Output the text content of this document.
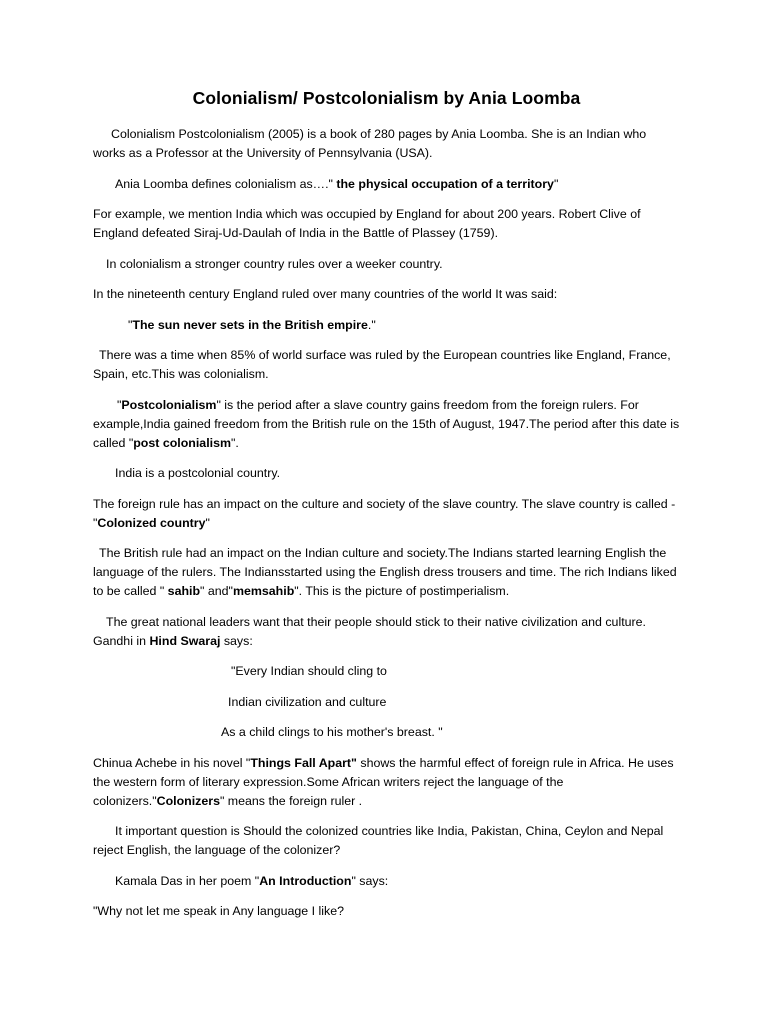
Colonialism/ Postcolonialism by Ania Loomba

Colonialism Postcolonialism (2005) is a book of 280 pages by Ania Loomba. She is an Indian who works as a Professor at the University of Pennsylvania (USA).

Ania Loomba defines colonialism as…." the physical occupation of a territory"

For example, we mention India which was occupied by England for about 200 years. Robert Clive of England defeated Siraj-Ud-Daulah of India in the Battle of Plassey (1759).

In colonialism a stronger country rules over a weeker country.

In the nineteenth century England ruled over many countries of the world It was said:

"The sun never sets in the British empire."

There was a time when 85% of world surface was ruled by the European countries like England, France, Spain, etc.This was colonialism.

"Postcolonialism" is the period after a slave country gains freedom from the foreign rulers. For example,India gained freedom from the British rule on the 15th of August, 1947.The period after this date is called "post colonialism".

India is a postcolonial country.

The foreign rule has an impact on the culture and society of the slave country. The slave country is called -"Colonized country"

The British rule had an impact on the Indian culture and society.The Indians started learning English the language of the rulers. The Indiansstarted using the English dress trousers and time. The rich Indians liked to be called " sahib" and"memsahib". This is the picture of postimperialism.

The great national leaders want that their people should stick to their native civilization and culture. Gandhi in Hind Swaraj says:

"Every Indian should cling to

Indian civilization and culture

As a child clings to his mother's breast. "

Chinua Achebe in his novel "Things Fall Apart" shows the harmful effect of foreign rule in Africa. He uses the western form of literary expression.Some African writers reject the language of the colonizers."Colonizers" means the foreign ruler .

It important question is Should the colonized countries like India, Pakistan, China, Ceylon and Nepal reject English, the language of the colonizer?

Kamala Das in her poem "An Introduction" says:

"Why not let me speak in Any language I like?
